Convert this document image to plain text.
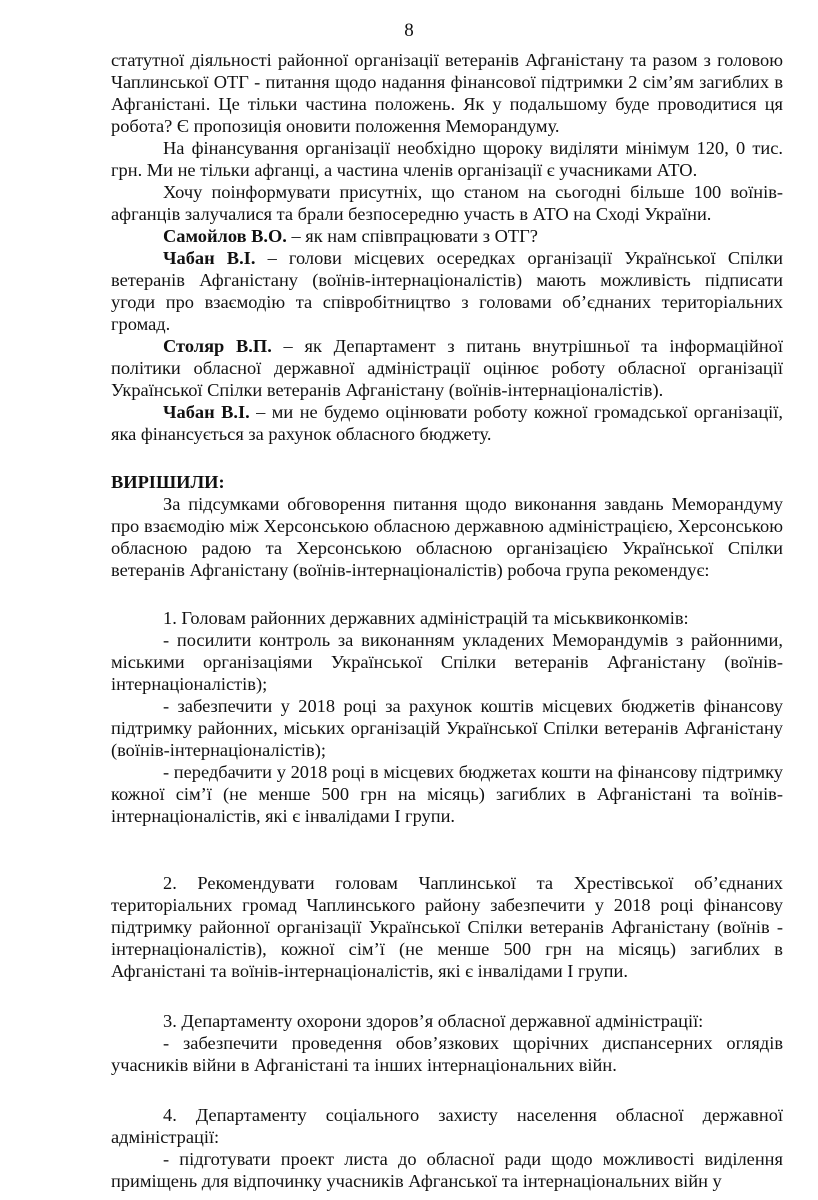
8

статутної діяльності районної організації ветеранів Афганістану та разом з головою Чаплинської ОТГ - питання щодо надання фінансової підтримки 2 сім’ям загиблих в Афганістані. Це тільки частина положень. Як у подальшому буде проводитися ця робота? Є пропозиція оновити положення Меморандуму.

На фінансування організації необхідно щороку виділяти мінімум 120, 0 тис. грн. Ми не тільки афганці, а частина членів організації є учасниками АТО.

Хочу поінформувати присутніх, що станом на сьогодні більше 100 воїнів-афганців залучалися та брали безпосередню участь в АТО на Сході України.

Самойлов В.О. – як нам співпрацювати з ОТГ?

Чабан В.І. – голови місцевих осередках організації Української Спілки ветеранів Афганістану (воїнів-інтернаціоналістів) мають можливість підписати угоди про взаємодію та співробітництво з головами об’єднаних територіальних громад.

Столяр В.П. – як Департамент з питань внутрішньої та інформаційної політики обласної державної адміністрації оцінює роботу обласної організації Української Спілки ветеранів Афганістану (воїнів-інтернаціоналістів).

Чабан В.І. – ми не будемо оцінювати роботу кожної громадської організації, яка фінансується за рахунок обласного бюджету.

ВИРІШИЛИ:

За підсумками обговорення питання щодо виконання завдань Меморандуму про взаємодію між Херсонською обласною державною адміністрацією, Херсонською обласною радою та Херсонською обласною організацією Української Спілки ветеранів Афганістану (воїнів-інтернаціоналістів) робоча група рекомендує:

1. Головам районних державних адміністрацій та міськвиконкомів:

- посилити контроль за виконанням укладених Меморандумів з районними, міськими організаціями Української Спілки ветеранів Афганістану (воїнів-інтернаціоналістів);

- забезпечити у 2018 році за рахунок коштів місцевих бюджетів фінансову підтримку районних, міських організацій Української Спілки ветеранів Афганістану (воїнів-інтернаціоналістів);

- передбачити у 2018 році в місцевих бюджетах кошти на фінансову підтримку кожної сім’ї (не менше 500 грн на місяць) загиблих в Афганістані та воїнів-інтернаціоналістів, які є інвалідами І групи.

2. Рекомендувати головам Чаплинської та Хрестівської об’єднаних територіальних громад Чаплинського району забезпечити у 2018 році фінансову підтримку районної організації Української Спілки ветеранів Афганістану (воїнів - інтернаціоналістів), кожної сім’ї (не менше 500 грн на місяць) загиблих в Афганістані та воїнів-інтернаціоналістів, які є інвалідами І групи.

3. Департаменту охорони здоров’я обласної державної адміністрації:

- забезпечити проведення обов’язкових щорічних диспансерних оглядів учасників війни в Афганістані та інших інтернаціональних війн.

4. Департаменту соціального захисту населення обласної державної адміністрації:

- підготувати проект листа до обласної ради щодо можливості виділення приміщень для відпочинку учасників Афганської та інтернаціональних війн у
